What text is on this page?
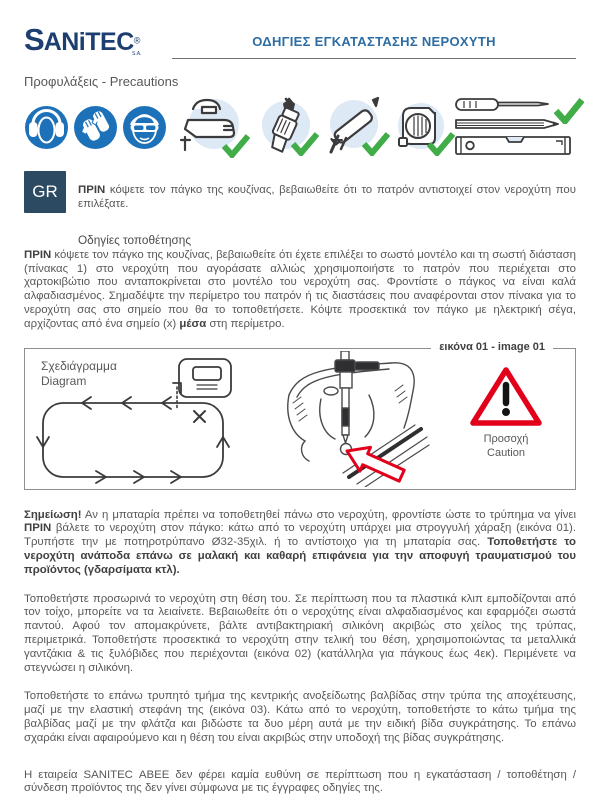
SANiTEC®
S.A.
ΟΔΗΓΙΕΣ ΕΓΚΑΤΑΣΤΑΣΗΣ ΝΕΡΟΧΥΤΗ
Προφυλάξεις - Precautions
GR	ΠΡΙΝ κόψετε τον πάγκο της κουζίνας, βεβαιωθείτε ότι το πατρόν αντιστοιχεί στον νεροχύτη που επιλέξατε.

Οδηγίες τοποθέτησης

ΠΡΙΝ κόψετε τον πάγκο της κουζίνας, βεβαιωθείτε ότι έχετε επιλέξει το σωστό μοντέλο και τη σωστή διάσταση (πίνακας 1) στο νεροχύτη που αγοράσατε αλλιώς χρησιμοποιήστε το πατρόν που περιέχεται στο χαρτοκιβώτιο που ανταποκρίνεται στο μοντέλο του νεροχύτη σας. Φροντίστε ο πάγκος να είναι καλά αλφαδιασμένος. Σημαδέψτε την περίμετρο του πατρόν ή τις διαστάσεις που αναφέρονται στον πίνακα για το νεροχύτη σας στο σημείο που θα το τοποθετήσετε. Κόψτε προσεκτικά τον πάγκο με ηλεκτρική σέγα, αρχίζοντας από ένα σημείο (x) μέσα στη περίμετρο.

εικόνα 01 - image 01
Σχεδιάγραμμα
Diagram
Προσοχή
Caution

Σημείωση! Αν η μπαταρία πρέπει να τοποθετηθεί πάνω στο νεροχύτη, φροντίστε ώστε το τρύπημα να γίνει ΠΡΙΝ βάλετε το νεροχύτη στον πάγκο: κάτω από το νεροχύτη υπάρχει μια στρογγυλή χάραξη (εικόνα 01). Τρυπήστε την με ποτηροτρύπανο Ø32-35χιλ. ή το αντίστοιχο για τη μπαταρία σας. Τοποθετήστε το νεροχύτη ανάποδα επάνω σε μαλακή και καθαρή επιφάνεια για την αποφυγή τραυματισμού του προϊόντος (γδαρσίματα κτλ).

Τοποθετήστε προσωρινά το νεροχύτη στη θέση του. Σε περίπτωση που τα πλαστικά κλιπ εμποδίζονται από τον τοίχο, μπορείτε να τα λειαίνετε. Βεβαιωθείτε ότι ο νεροχύτης είναι αλφαδιασμένος και εφαρμόζει σωστά παντού. Αφού τον απομακρύνετε, βάλτε αντιβακτηριακή σιλικόνη ακριβώς στο χείλος της τρύπας, περιμετρικά. Τοποθετήστε προσεκτικά το νεροχύτη στην τελική του θέση, χρησιμοποιώντας τα μεταλλικά γαντζάκια & τις ξυλόβιδες που περιέχονται (εικόνα 02) (κατάλληλα για πάγκους έως 4εκ). Περιμένετε να στεγνώσει η σιλικόνη.

Τοποθετήστε το επάνω τρυπητό τμήμα της κεντρικής ανοξείδωτης βαλβίδας στην τρύπα της αποχέτευσης, μαζί με την ελαστική στεφάνη της (εικόνα 03). Κάτω από το νεροχύτη, τοποθετήστε το κάτω τμήμα της βαλβίδας μαζί με την φλάτζα και βιδώστε τα δυο μέρη αυτά με την ειδική βίδα συγκράτησης. Το επάνω σχαράκι είναι αφαιρούμενο και η θέση του είναι ακριβώς στην υποδοχή της βίδας συγκράτησης.

Η εταιρεία SANITEC ΑΒΕΕ δεν φέρει καμία ευθύνη σε περίπτωση που η εγκατάσταση / τοποθέτηση / σύνδεση προϊόντος της δεν γίνει σύμφωνα με τις έγγραφες οδηγίες της.
